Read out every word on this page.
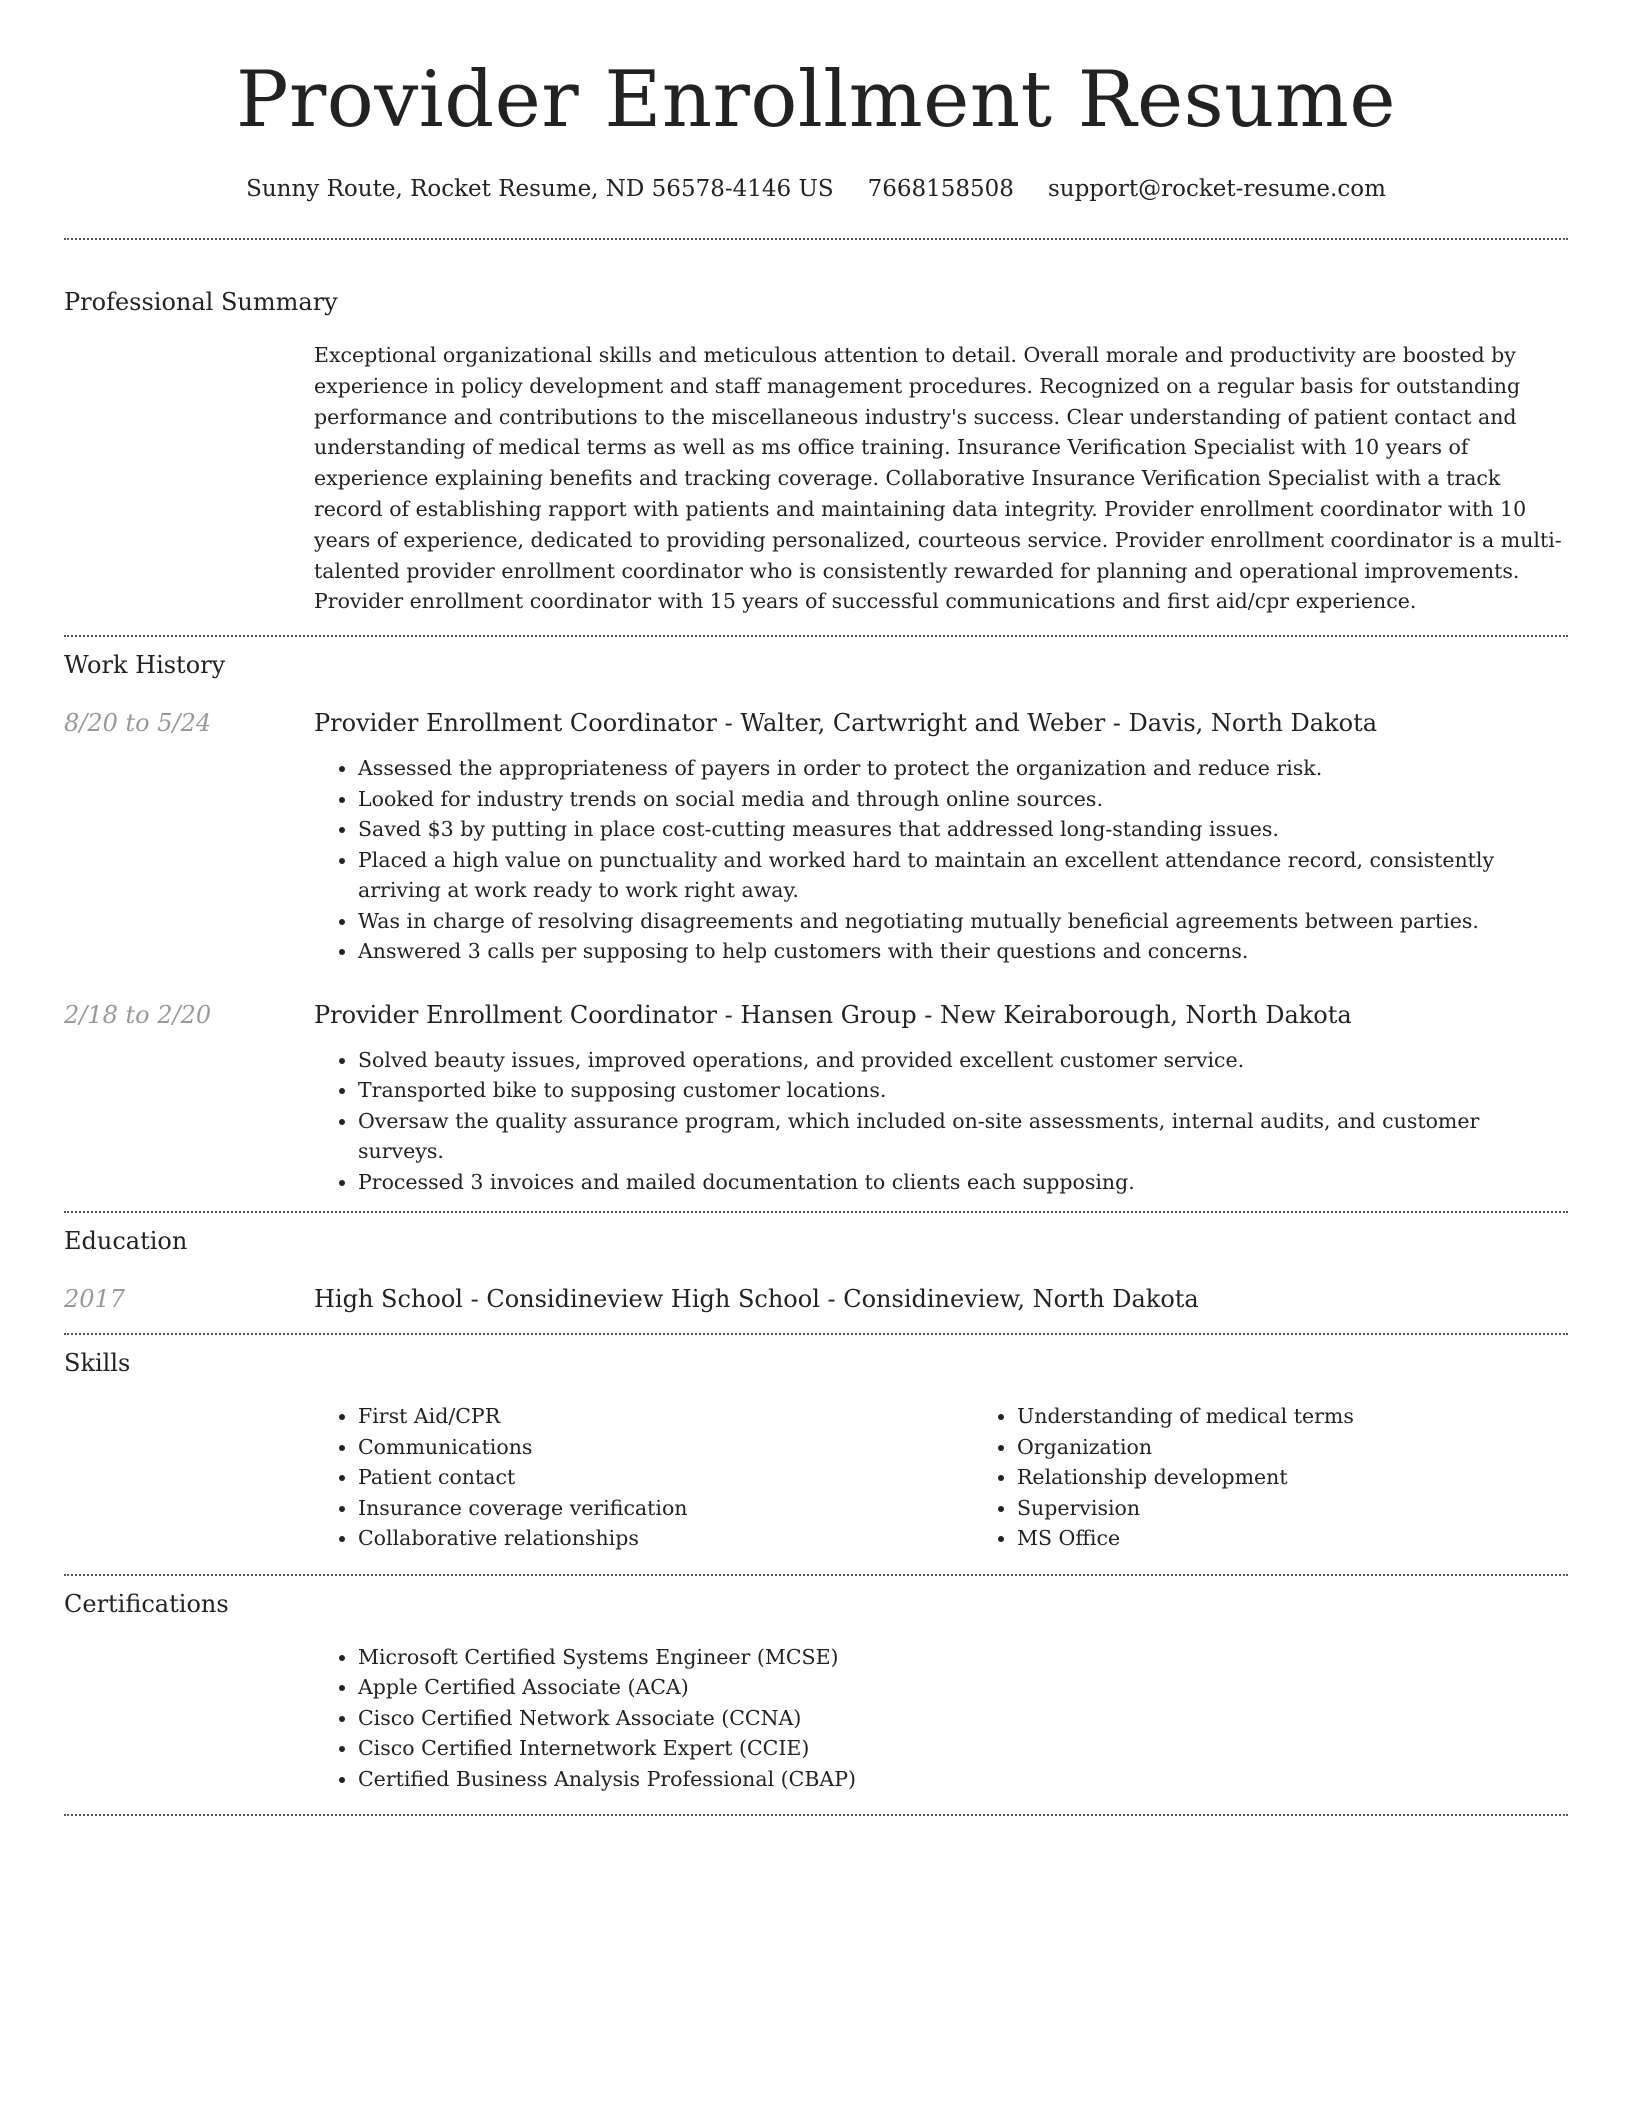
Provider Enrollment Resume
Sunny Route, Rocket Resume, ND 56578-4146 US 7668158508 support@rocket-resume.com
Professional Summary

Exceptional organizational skills and meticulous attention to detail. Overall morale and productivity are boosted by experience in policy development and staff management procedures. Recognized on a regular basis for outstanding performance and contributions to the miscellaneous industry's success. Clear understanding of patient contact and understanding of medical terms as well as ms office training. Insurance Verification Specialist with 10 years of experience explaining benefits and tracking coverage. Collaborative Insurance Verification Specialist with a track record of establishing rapport with patients and maintaining data integrity. Provider enrollment coordinator with 10 years of experience, dedicated to providing personalized, courteous service. Provider enrollment coordinator is a multi-talented provider enrollment coordinator who is consistently rewarded for planning and operational improvements. Provider enrollment coordinator with 15 years of successful communications and first aid/cpr experience.

Work History
8/20 to 5/24	Provider Enrollment Coordinator - Walter, Cartwright and Weber - Davis, North Dakota

• Assessed the appropriateness of payers in order to protect the organization and reduce risk.
• Looked for industry trends on social media and through online sources.
• Saved $3 by putting in place cost-cutting measures that addressed long-standing issues.
• Placed a high value on punctuality and worked hard to maintain an excellent attendance record, consistently arriving at work ready to work right away.
• Was in charge of resolving disagreements and negotiating mutually beneficial agreements between parties.
• Answered 3 calls per supposing to help customers with their questions and concerns.
2/18 to 2/20	Provider Enrollment Coordinator - Hansen Group - New Keiraborough, North Dakota

• Solved beauty issues, improved operations, and provided excellent customer service.
• Transported bike to supposing customer locations.
• Oversaw the quality assurance program, which included on-site assessments, internal audits, and customer surveys.
• Processed 3 invoices and mailed documentation to clients each supposing.
Education
2017	High School - Considineview High School - Considineview, North Dakota

Skills
• First Aid/CPR
• Communications
• Patient contact
• Insurance coverage verification
• Collaborative relationships
• Understanding of medical terms
• Organization
• Relationship development
• Supervision
• MS Office
Certifications
• Microsoft Certified Systems Engineer (MCSE)
• Apple Certified Associate (ACA)
• Cisco Certified Network Associate (CCNA)
• Cisco Certified Internetwork Expert (CCIE)
• Certified Business Analysis Professional (CBAP)
